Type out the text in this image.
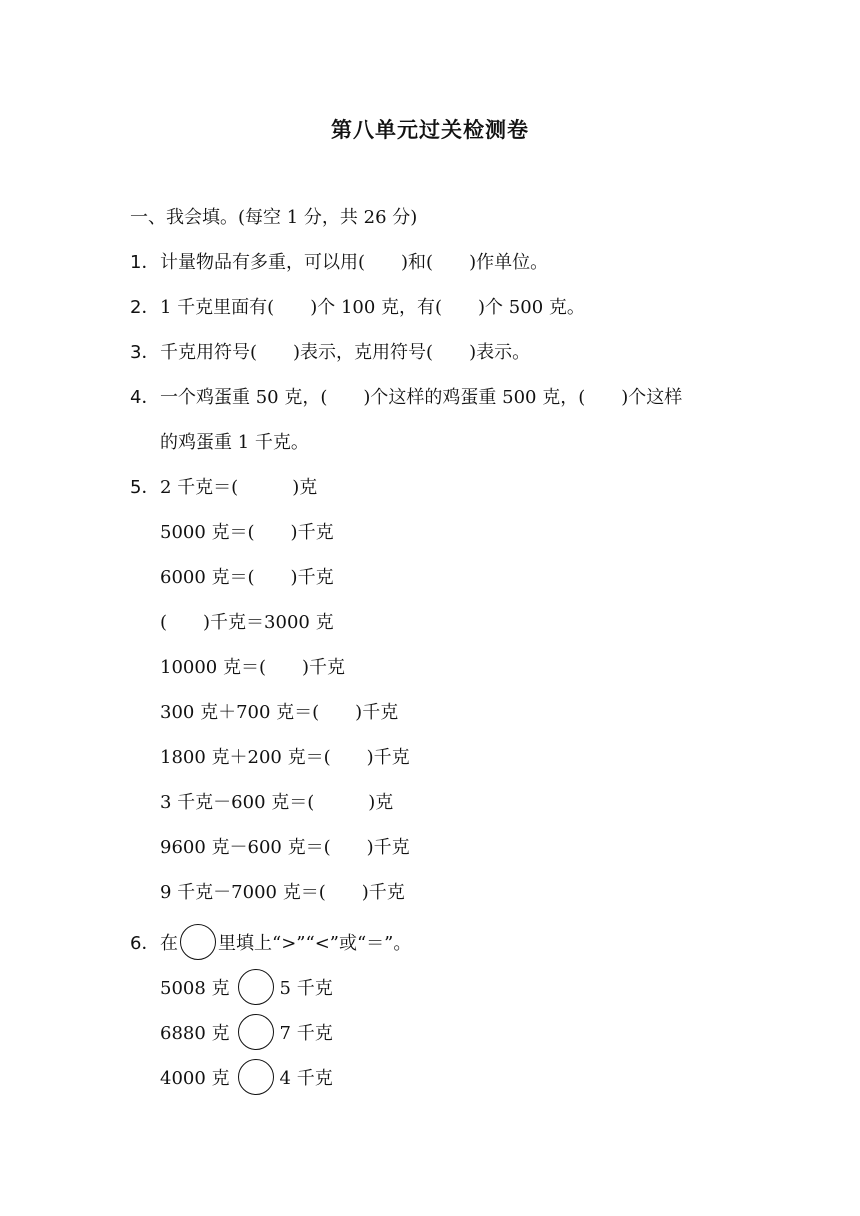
第八单元过关检测卷
一、我会填。(每空 1 分，共 26 分)
1．计量物品有多重，可以用(　　)和(　　)作单位。
2．1 千克里面有(　　)个 100 克，有(　　)个 500 克。
3．千克用符号(　　)表示，克用符号(　　)表示。
4．一个鸡蛋重 50 克，(　　)个这样的鸡蛋重 500 克，(　　)个这样
的鸡蛋重 1 千克。
5．2 千克＝(　　　)克
5000 克＝(　　)千克
6000 克＝(　　)千克
(　　)千克＝3000 克
10000 克＝(　　)千克
300 克＋700 克＝(　　)千克
1800 克＋200 克＝(　　)千克
3 千克－600 克＝(　　　)克
9600 克－600 克＝(　　)千克
9 千克－7000 克＝(　　)千克
6．在 里填上“>”“<”或“＝”。
5008 克	5 千克
6880 克	7 千克
4000 克	4 千克
